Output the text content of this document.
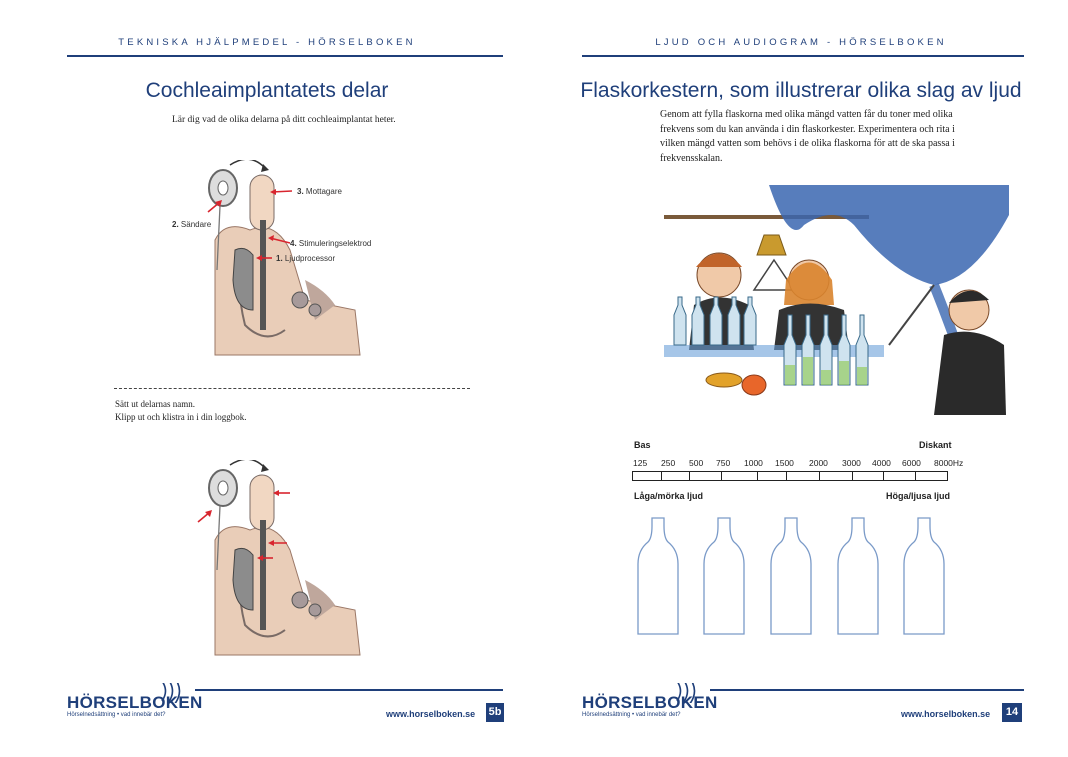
TEKNISKA HJÄLPMEDEL - HÖRSELBOKEN
Cochleaimplantatets delar
Lär dig vad de olika delarna på ditt cochleaimplantat heter.
3. Mottagare
2. Sändare
4. Stimuleringselektrod
1. Ljudprocessor
Sätt ut delarnas namn.
Klipp ut och klistra in i din loggbok.
HÖRSELBOKEN
Hörselnedsättning • vad innebär det?	www.horselboken.se 5b
LJUD OCH AUDIOGRAM - HÖRSELBOKEN
Flaskorkestern, som illustrerar olika slag av ljud
Genom att fylla flaskorna med olika mängd vatten får du toner med olika frekvens som du kan använda i din flaskorkester. Experimentera och rita i vilken mängd vatten som behövs i de olika flaskorna för att de ska passa i frekvensskalan.
Bas	Diskant
125 250 500 750 1000 1500 2000 3000 4000 6000 8000Hz
Låga/mörka ljud	Höga/ljusa ljud
HÖRSELBOKEN
Hörselnedsättning • vad innebär det?	www.horselboken.se	14
